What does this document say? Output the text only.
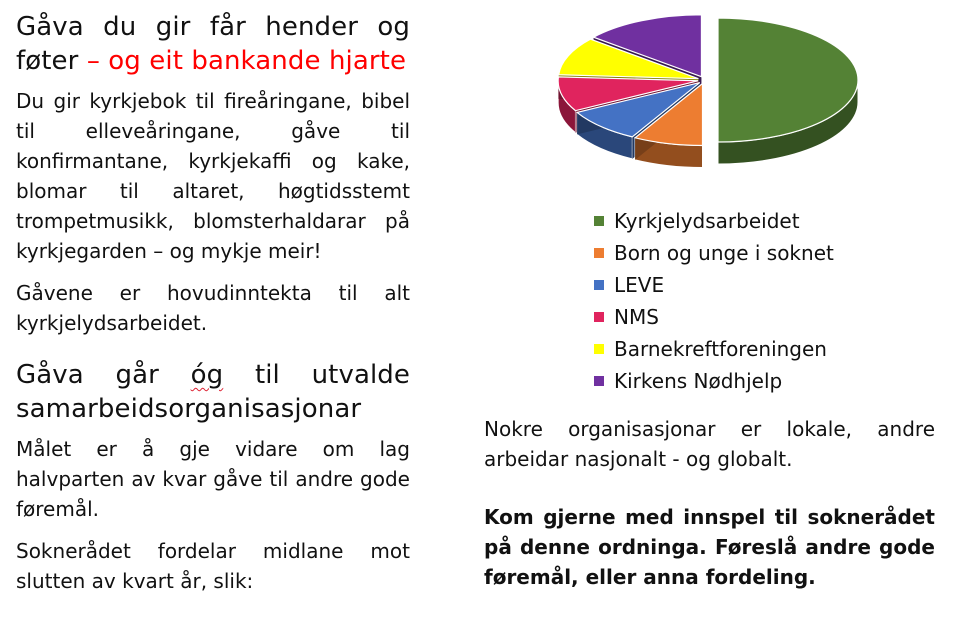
Gåva du gir får hender og
føter – og eit bankande hjarte

Du gir kyrkjebok til fireåringane, bibel til elleveåringane, gåve til konfirmantane, kyrkjekaffi og kake, blomar til altaret, høgtidsstemt trompetmusikk, blomsterhaldarar på kyrkjegarden – og mykje meir!

Gåvene er hovudinntekta til alt kyrkjelydsarbeidet.

Gåva går óg til utvalde
samarbeidsorganisasjonar

Målet er å gje vidare om lag halvparten av kvar gåve til andre gode føremål.

Soknerådet fordelar midlane mot slutten av kvart år, slik:

Kyrkjelydsarbeidet
Born og unge i soknet
LEVE
NMS
Barnekreftforeningen
Kirkens Nødhjelp

Nokre organisasjonar er lokale, andre arbeidar nasjonalt - og globalt.

Kom gjerne med innspel til soknerådet på denne ordninga. Føreslå andre gode føremål, eller anna fordeling.
